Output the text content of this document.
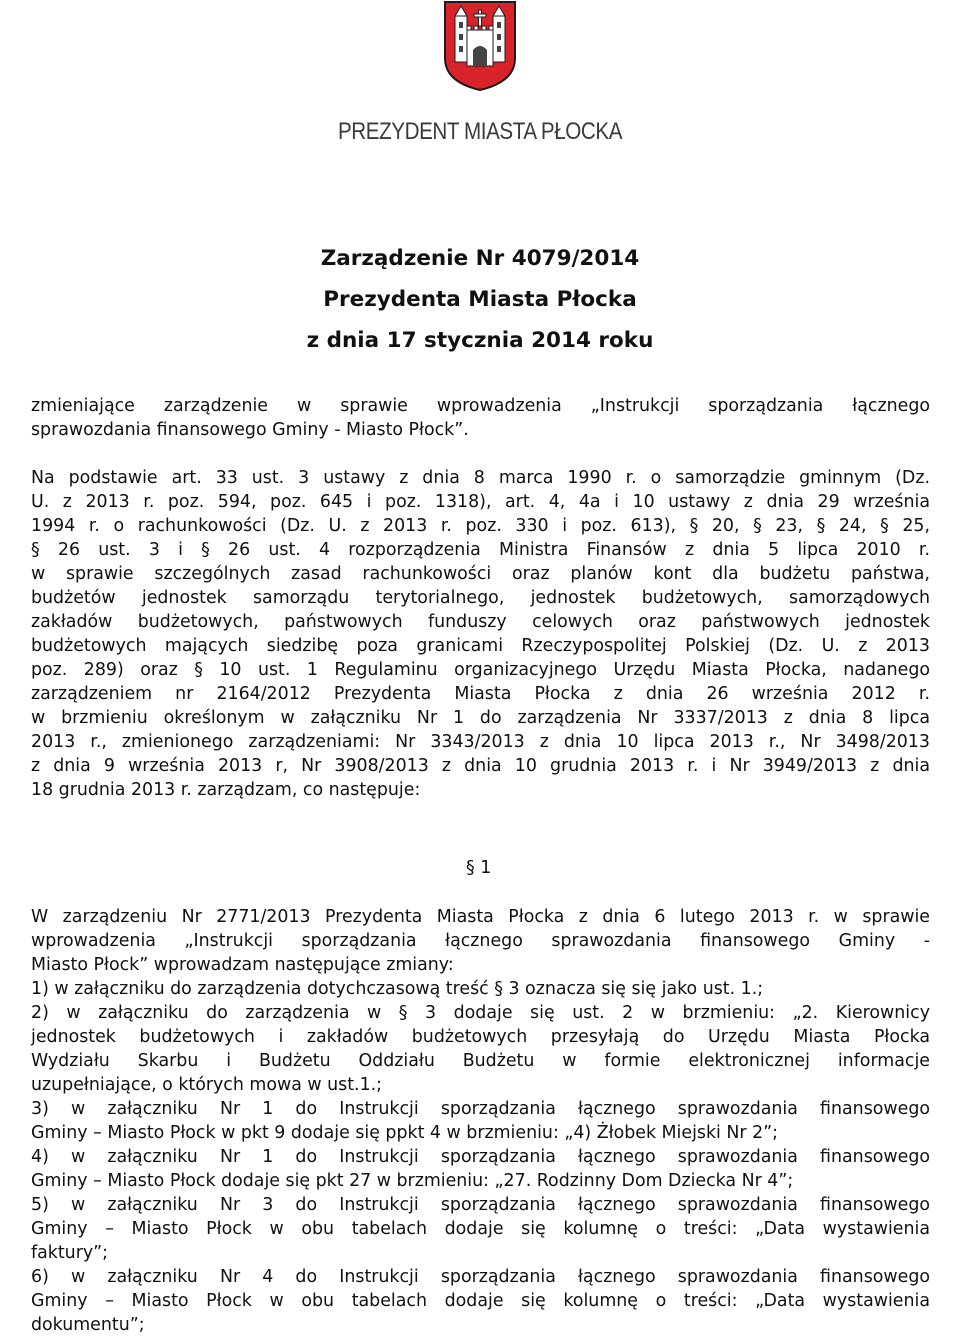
PREZYDENT MIASTA PŁOCKA
Zarządzenie Nr 4079/2014
Prezydenta Miasta Płocka
z dnia 17 stycznia 2014 roku
zmieniające zarządzenie w sprawie wprowadzenia „Instrukcji sporządzania łącznego
sprawozdania finansowego Gminy - Miasto Płock”.
Na podstawie art. 33 ust. 3 ustawy z dnia 8 marca 1990 r. o samorządzie gminnym (Dz.
U. z 2013 r. poz. 594, poz. 645 i poz. 1318), art. 4, 4a i 10 ustawy z dnia 29 września
1994 r. o rachunkowości (Dz. U. z 2013 r. poz. 330 i poz. 613), § 20, § 23, § 24, § 25,
§ 26 ust. 3 i § 26 ust. 4 rozporządzenia Ministra Finansów z dnia 5 lipca 2010 r.
w sprawie szczególnych zasad rachunkowości oraz planów kont dla budżetu państwa,
budżetów jednostek samorządu terytorialnego, jednostek budżetowych, samorządowych
zakładów budżetowych, państwowych funduszy celowych oraz państwowych jednostek
budżetowych mających siedzibę poza granicami Rzeczypospolitej Polskiej (Dz. U. z 2013
poz. 289) oraz § 10 ust. 1 Regulaminu organizacyjnego Urzędu Miasta Płocka, nadanego
zarządzeniem nr 2164/2012 Prezydenta Miasta Płocka z dnia 26 września 2012 r.
w brzmieniu określonym w załączniku Nr 1 do zarządzenia Nr 3337/2013 z dnia 8 lipca
2013 r., zmienionego zarządzeniami: Nr 3343/2013 z dnia 10 lipca 2013 r., Nr 3498/2013
z dnia 9 września 2013 r, Nr 3908/2013 z dnia 10 grudnia 2013 r. i Nr 3949/2013 z dnia
18 grudnia 2013 r. zarządzam, co następuje:
§ 1
W zarządzeniu Nr 2771/2013 Prezydenta Miasta Płocka z dnia 6 lutego 2013 r. w sprawie
wprowadzenia „Instrukcji sporządzania łącznego sprawozdania finansowego Gminy -
Miasto Płock” wprowadzam następujące zmiany:
1) w załączniku do zarządzenia dotychczasową treść § 3 oznacza się się jako ust. 1.;
2) w załączniku do zarządzenia w § 3 dodaje się ust. 2 w brzmieniu: „2. Kierownicy
jednostek budżetowych i zakładów budżetowych przesyłają do Urzędu Miasta Płocka
Wydziału Skarbu i Budżetu Oddziału Budżetu w formie elektronicznej informacje
uzupełniające, o których mowa w ust.1.;
3) w załączniku Nr 1 do Instrukcji sporządzania łącznego sprawozdania finansowego
Gminy – Miasto Płock w pkt 9 dodaje się ppkt 4 w brzmieniu: „4) Żłobek Miejski Nr 2”;
4) w załączniku Nr 1 do Instrukcji sporządzania łącznego sprawozdania finansowego
Gminy – Miasto Płock dodaje się pkt 27 w brzmieniu: „27. Rodzinny Dom Dziecka Nr 4”;
5) w załączniku Nr 3 do Instrukcji sporządzania łącznego sprawozdania finansowego
Gminy – Miasto Płock w obu tabelach dodaje się kolumnę o treści: „Data wystawienia
faktury”;
6) w załączniku Nr 4 do Instrukcji sporządzania łącznego sprawozdania finansowego
Gminy – Miasto Płock w obu tabelach dodaje się kolumnę o treści: „Data wystawienia
dokumentu”;
